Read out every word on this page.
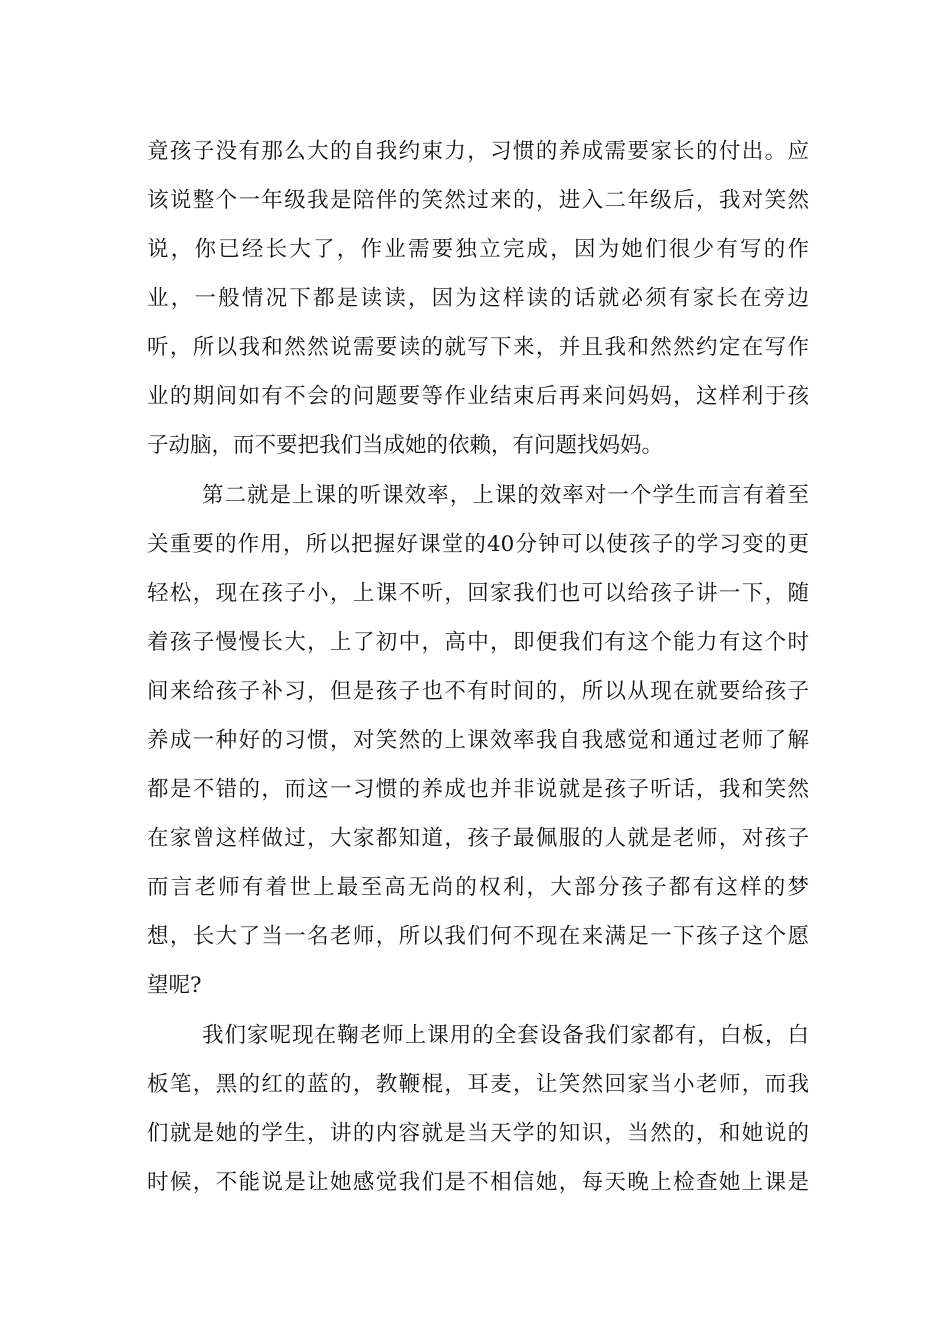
竟孩子没有那么大的自我约束力，习惯的养成需要家长的付出。应
该说整个一年级我是陪伴的笑然过来的，进入二年级后，我对笑然
说，你已经长大了，作业需要独立完成，因为她们很少有写的作
业，一般情况下都是读读，因为这样读的话就必须有家长在旁边
听，所以我和然然说需要读的就写下来，并且我和然然约定在写作
业的期间如有不会的问题要等作业结束后再来问妈妈，这样利于孩
子动脑，而不要把我们当成她的依赖，有问题找妈妈。
第二就是上课的听课效率，上课的效率对一个学生而言有着至
关重要的作用，所以把握好课堂的40分钟可以使孩子的学习变的更
轻松，现在孩子小，上课不听，回家我们也可以给孩子讲一下，随
着孩子慢慢长大，上了初中，高中，即便我们有这个能力有这个时
间来给孩子补习，但是孩子也不有时间的，所以从现在就要给孩子
养成一种好的习惯，对笑然的上课效率我自我感觉和通过老师了解
都是不错的，而这一习惯的养成也并非说就是孩子听话，我和笑然
在家曾这样做过，大家都知道，孩子最佩服的人就是老师，对孩子
而言老师有着世上最至高无尚的权利，大部分孩子都有这样的梦
想，长大了当一名老师，所以我们何不现在来满足一下孩子这个愿
望呢?
我们家呢现在鞠老师上课用的全套设备我们家都有，白板，白
板笔，黑的红的蓝的，教鞭棍，耳麦，让笑然回家当小老师，而我
们就是她的学生，讲的内容就是当天学的知识，当然的，和她说的
时候，不能说是让她感觉我们是不相信她，每天晚上检查她上课是
